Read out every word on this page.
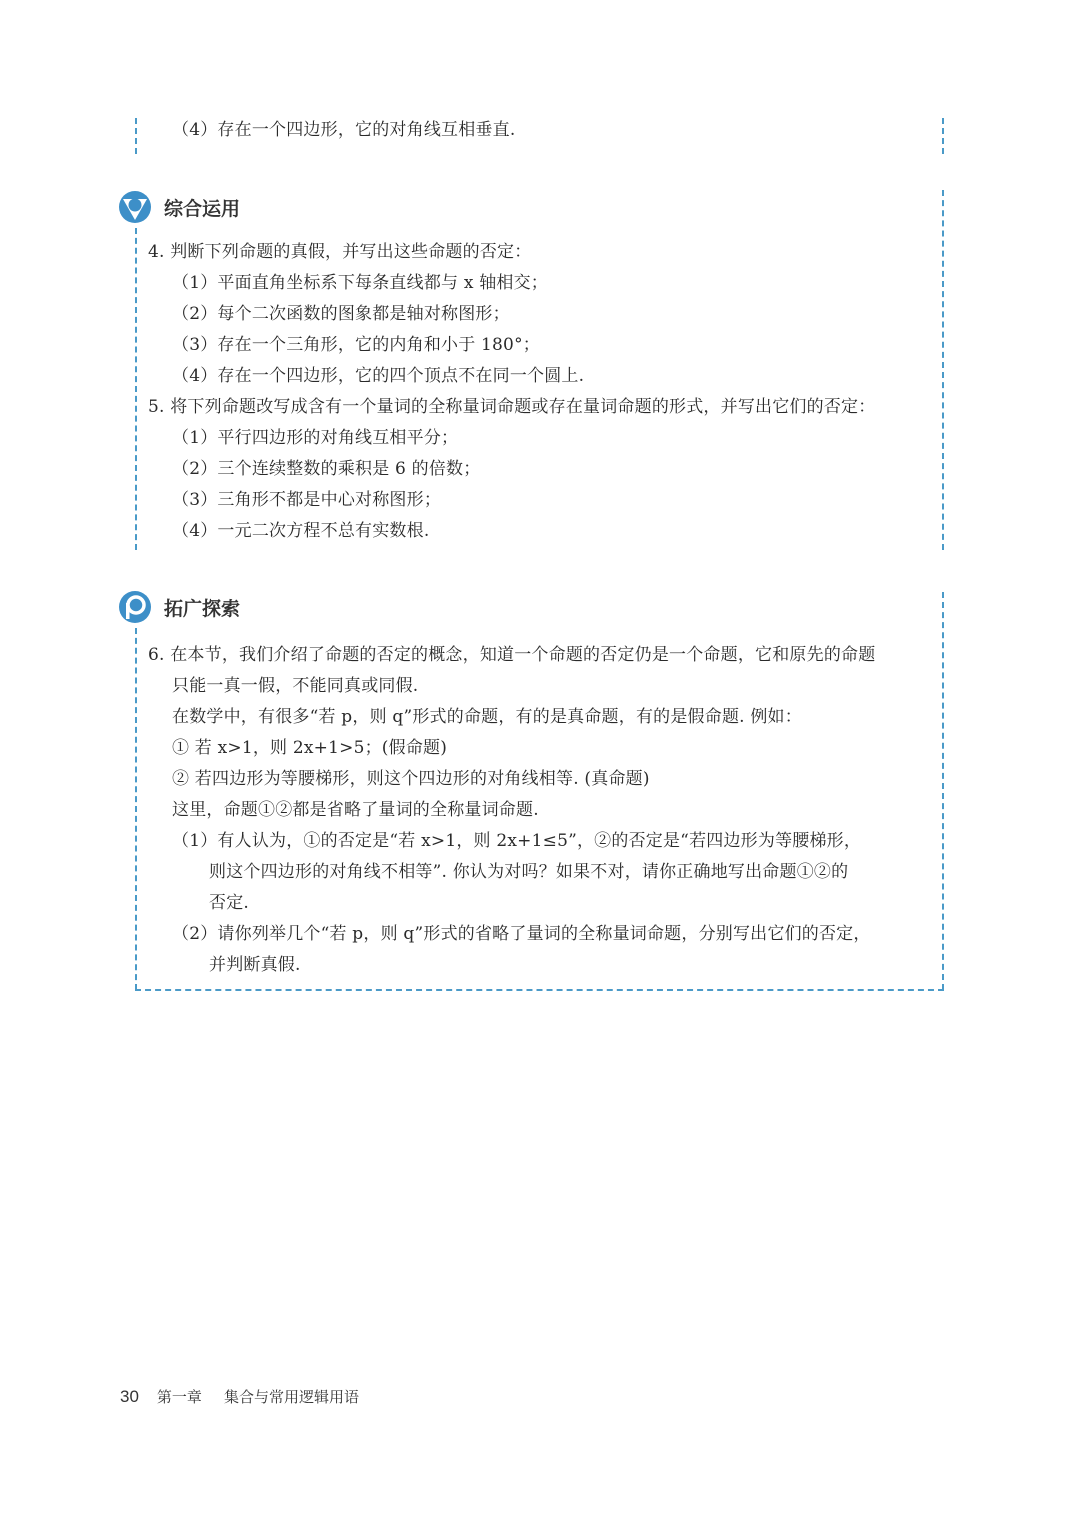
（4）存在一个四边形，它的对角线互相垂直.
综合运用
4. 判断下列命题的真假，并写出这些命题的否定：
（1）平面直角坐标系下每条直线都与 x 轴相交；
（2）每个二次函数的图象都是轴对称图形；
（3）存在一个三角形，它的内角和小于 180°；
（4）存在一个四边形，它的四个顶点不在同一个圆上.
5. 将下列命题改写成含有一个量词的全称量词命题或存在量词命题的形式，并写出它们的否定：
（1）平行四边形的对角线互相平分；
（2）三个连续整数的乘积是 6 的倍数；
（3）三角形不都是中心对称图形；
（4）一元二次方程不总有实数根.
拓广探索
6. 在本节，我们介绍了命题的否定的概念，知道一个命题的否定仍是一个命题，它和原先的命题
只能一真一假，不能同真或同假.
在数学中，有很多“若 p，则 q”形式的命题，有的是真命题，有的是假命题. 例如：
① 若 x>1，则 2x+1>5；(假命题)
② 若四边形为等腰梯形，则这个四边形的对角线相等. (真命题)
这里，命题①②都是省略了量词的全称量词命题.
（1）有人认为，①的否定是“若 x>1，则 2x+1≤5”，②的否定是“若四边形为等腰梯形，
则这个四边形的对角线不相等”. 你认为对吗？如果不对，请你正确地写出命题①②的
否定.
（2）请你列举几个“若 p，则 q”形式的省略了量词的全称量词命题，分别写出它们的否定，
并判断真假.
30 第一章 集合与常用逻辑用语
